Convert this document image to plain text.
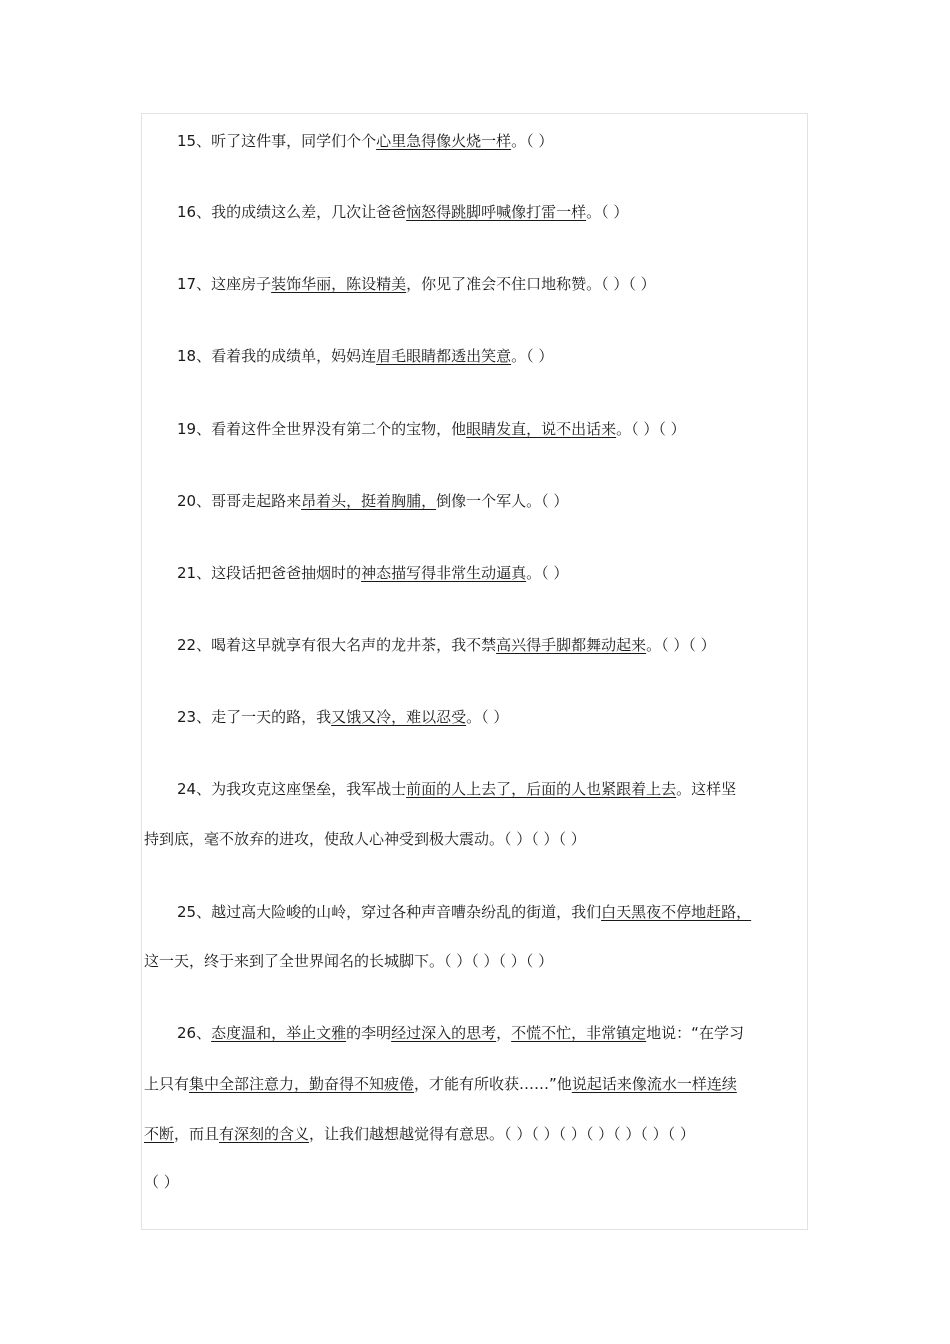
15、听了这件事，同学们个个心里急得像火烧一样。（ ）
16、我的成绩这么差，几次让爸爸恼怒得跳脚呼喊像打雷一样。（ ）
17、这座房子装饰华丽，陈设精美，你见了准会不住口地称赞。（ ）（ ）
18、看着我的成绩单，妈妈连眉毛眼睛都透出笑意。（ ）
19、看着这件全世界没有第二个的宝物，他眼睛发直，说不出话来。（ ）（ ）
20、哥哥走起路来昂着头，挺着胸脯，倒像一个军人。（ ）
21、这段话把爸爸抽烟时的神态描写得非常生动逼真。（ ）
22、喝着这早就享有很大名声的龙井茶，我不禁高兴得手脚都舞动起来。（ ）（ ）
23、走了一天的路，我又饿又冷，难以忍受。（ ）
24、为我攻克这座堡垒，我军战士前面的人上去了，后面的人也紧跟着上去。这样坚
持到底，毫不放弃的进攻，使敌人心神受到极大震动。（ ）（ ）（ ）
25、越过高大险峻的山岭，穿过各种声音嘈杂纷乱的街道，我们白天黑夜不停地赶路，
这一天，终于来到了全世界闻名的长城脚下。（ ）（ ）（ ）（ ）
26、态度温和，举止文雅的李明经过深入的思考，不慌不忙，非常镇定地说：“在学习
上只有集中全部注意力，勤奋得不知疲倦，才能有所收获……”他说起话来像流水一样连续
不断，而且有深刻的含义，让我们越想越觉得有意思。（ ）（ ）（ ）（ ）（ ）（ ）（ ）
（ ）
